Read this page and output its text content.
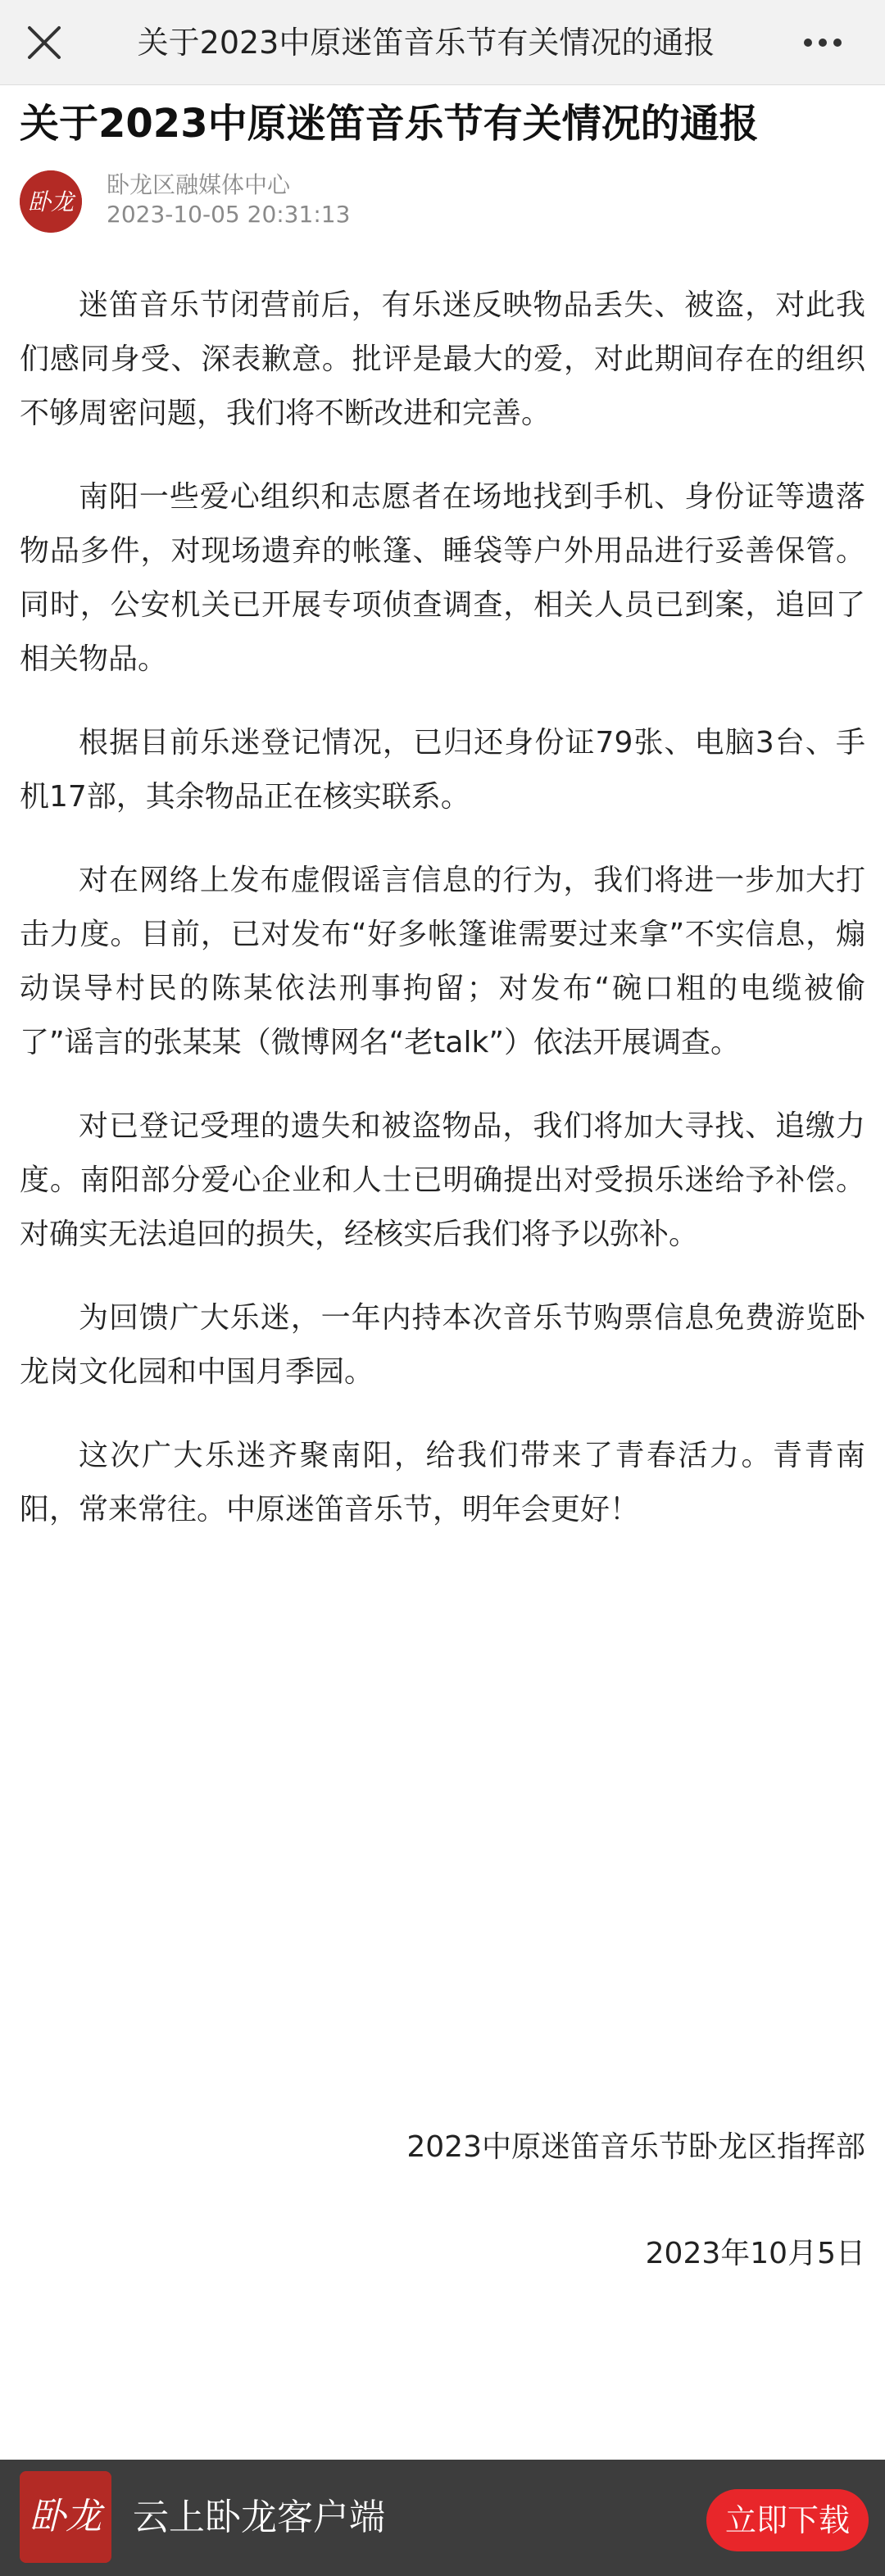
关于2023中原迷笛音乐节有关情况的通报
关于2023中原迷笛音乐节有关情况的通报
卧龙
卧龙区融媒体中心
2023-10-05 20:31:13

迷笛音乐节闭营前后，有乐迷反映物品丢失、被盗，对此我们感同身受、深表歉意。批评是最大的爱，对此期间存在的组织不够周密问题，我们将不断改进和完善。

南阳一些爱心组织和志愿者在场地找到手机、身份证等遗落物品多件，对现场遗弃的帐篷、睡袋等户外用品进行妥善保管。同时，公安机关已开展专项侦查调查，相关人员已到案，追回了相关物品。

根据目前乐迷登记情况，已归还身份证79张、电脑3台、手机17部，其余物品正在核实联系。

对在网络上发布虚假谣言信息的行为，我们将进一步加大打击力度。目前，已对发布“好多帐篷谁需要过来拿”不实信息，煽动误导村民的陈某依法刑事拘留；对发布“碗口粗的电缆被偷了”谣言的张某某（微博网名“老talk”）依法开展调查。

对已登记受理的遗失和被盗物品，我们将加大寻找、追缴力度。南阳部分爱心企业和人士已明确提出对受损乐迷给予补偿。对确实无法追回的损失，经核实后我们将予以弥补。

为回馈广大乐迷，一年内持本次音乐节购票信息免费游览卧龙岗文化园和中国月季园。

这次广大乐迷齐聚南阳，给我们带来了青春活力。青青南阳，常来常往。中原迷笛音乐节，明年会更好！

2023中原迷笛音乐节卧龙区指挥部
2023年10月5日
卧龙 云上卧龙客户端	立即下载
